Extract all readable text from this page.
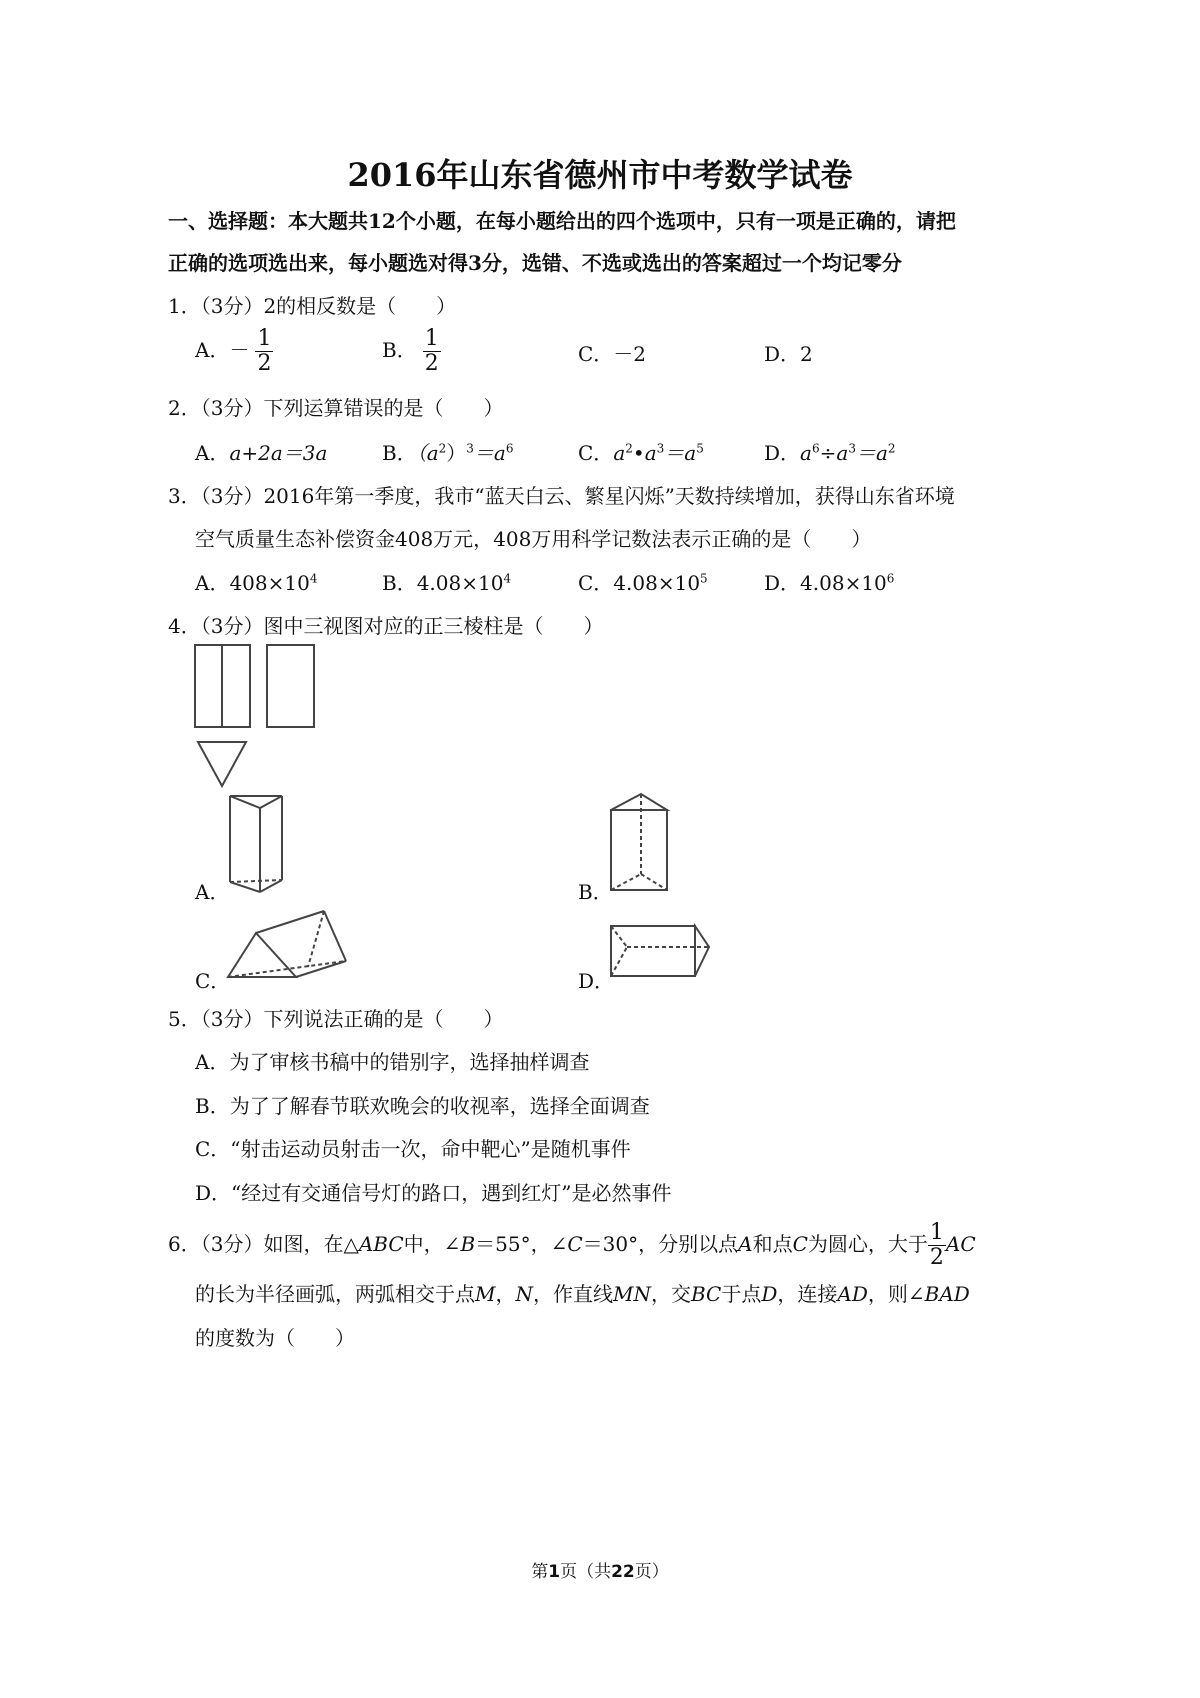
2016年山东省德州市中考数学试卷
一、选择题：本大题共12个小题，在每小题给出的四个选项中，只有一项是正确的，请把
正确的选项选出来，每小题选对得3分，选错、不选或选出的答案超过一个均记零分
1．（3分）2的相反数是（　　）
A．－ $\frac{1}{2}$	B． $\frac{1}{2}$	C．－2	D．2
2．（3分）下列运算错误的是（　　）
A．a+2a＝3a	B．$(a^2)^3=a^6$	C．$a^2•a^3=a^5$	D．$a^6\div a^3=a^2$
3．（3分）2016年第一季度，我市“蓝天白云、繁星闪烁”天数持续增加，获得山东省环境
空气质量生态补偿资金408万元，408万用科学记数法表示正确的是（　　）
A．$408\times 10^4$	B．$4.08\times 10^4$	C．$4.08\times 10^5$	D．$4.08\times 10^6$
4．（3分）图中三视图对应的正三棱柱是（　　）
A．	B．
C．	D．
5．（3分）下列说法正确的是（　　）
A．为了审核书稿中的错别字，选择抽样调查
B．为了了解春节联欢晚会的收视率，选择全面调查
C．“射击运动员射击一次，命中靶心”是随机事件
D．“经过有交通信号灯的路口，遇到红灯”是必然事件
6．（3分）如图，在△ABC中，∠B＝55°，∠C＝30°，分别以点A和点C为圆心，大于 $\frac{1}{2}$ AC
的长为半径画弧，两弧相交于点M，N，作直线MN，交BC于点D，连接AD，则∠BAD
的度数为（　　）
第1页（共22页）
